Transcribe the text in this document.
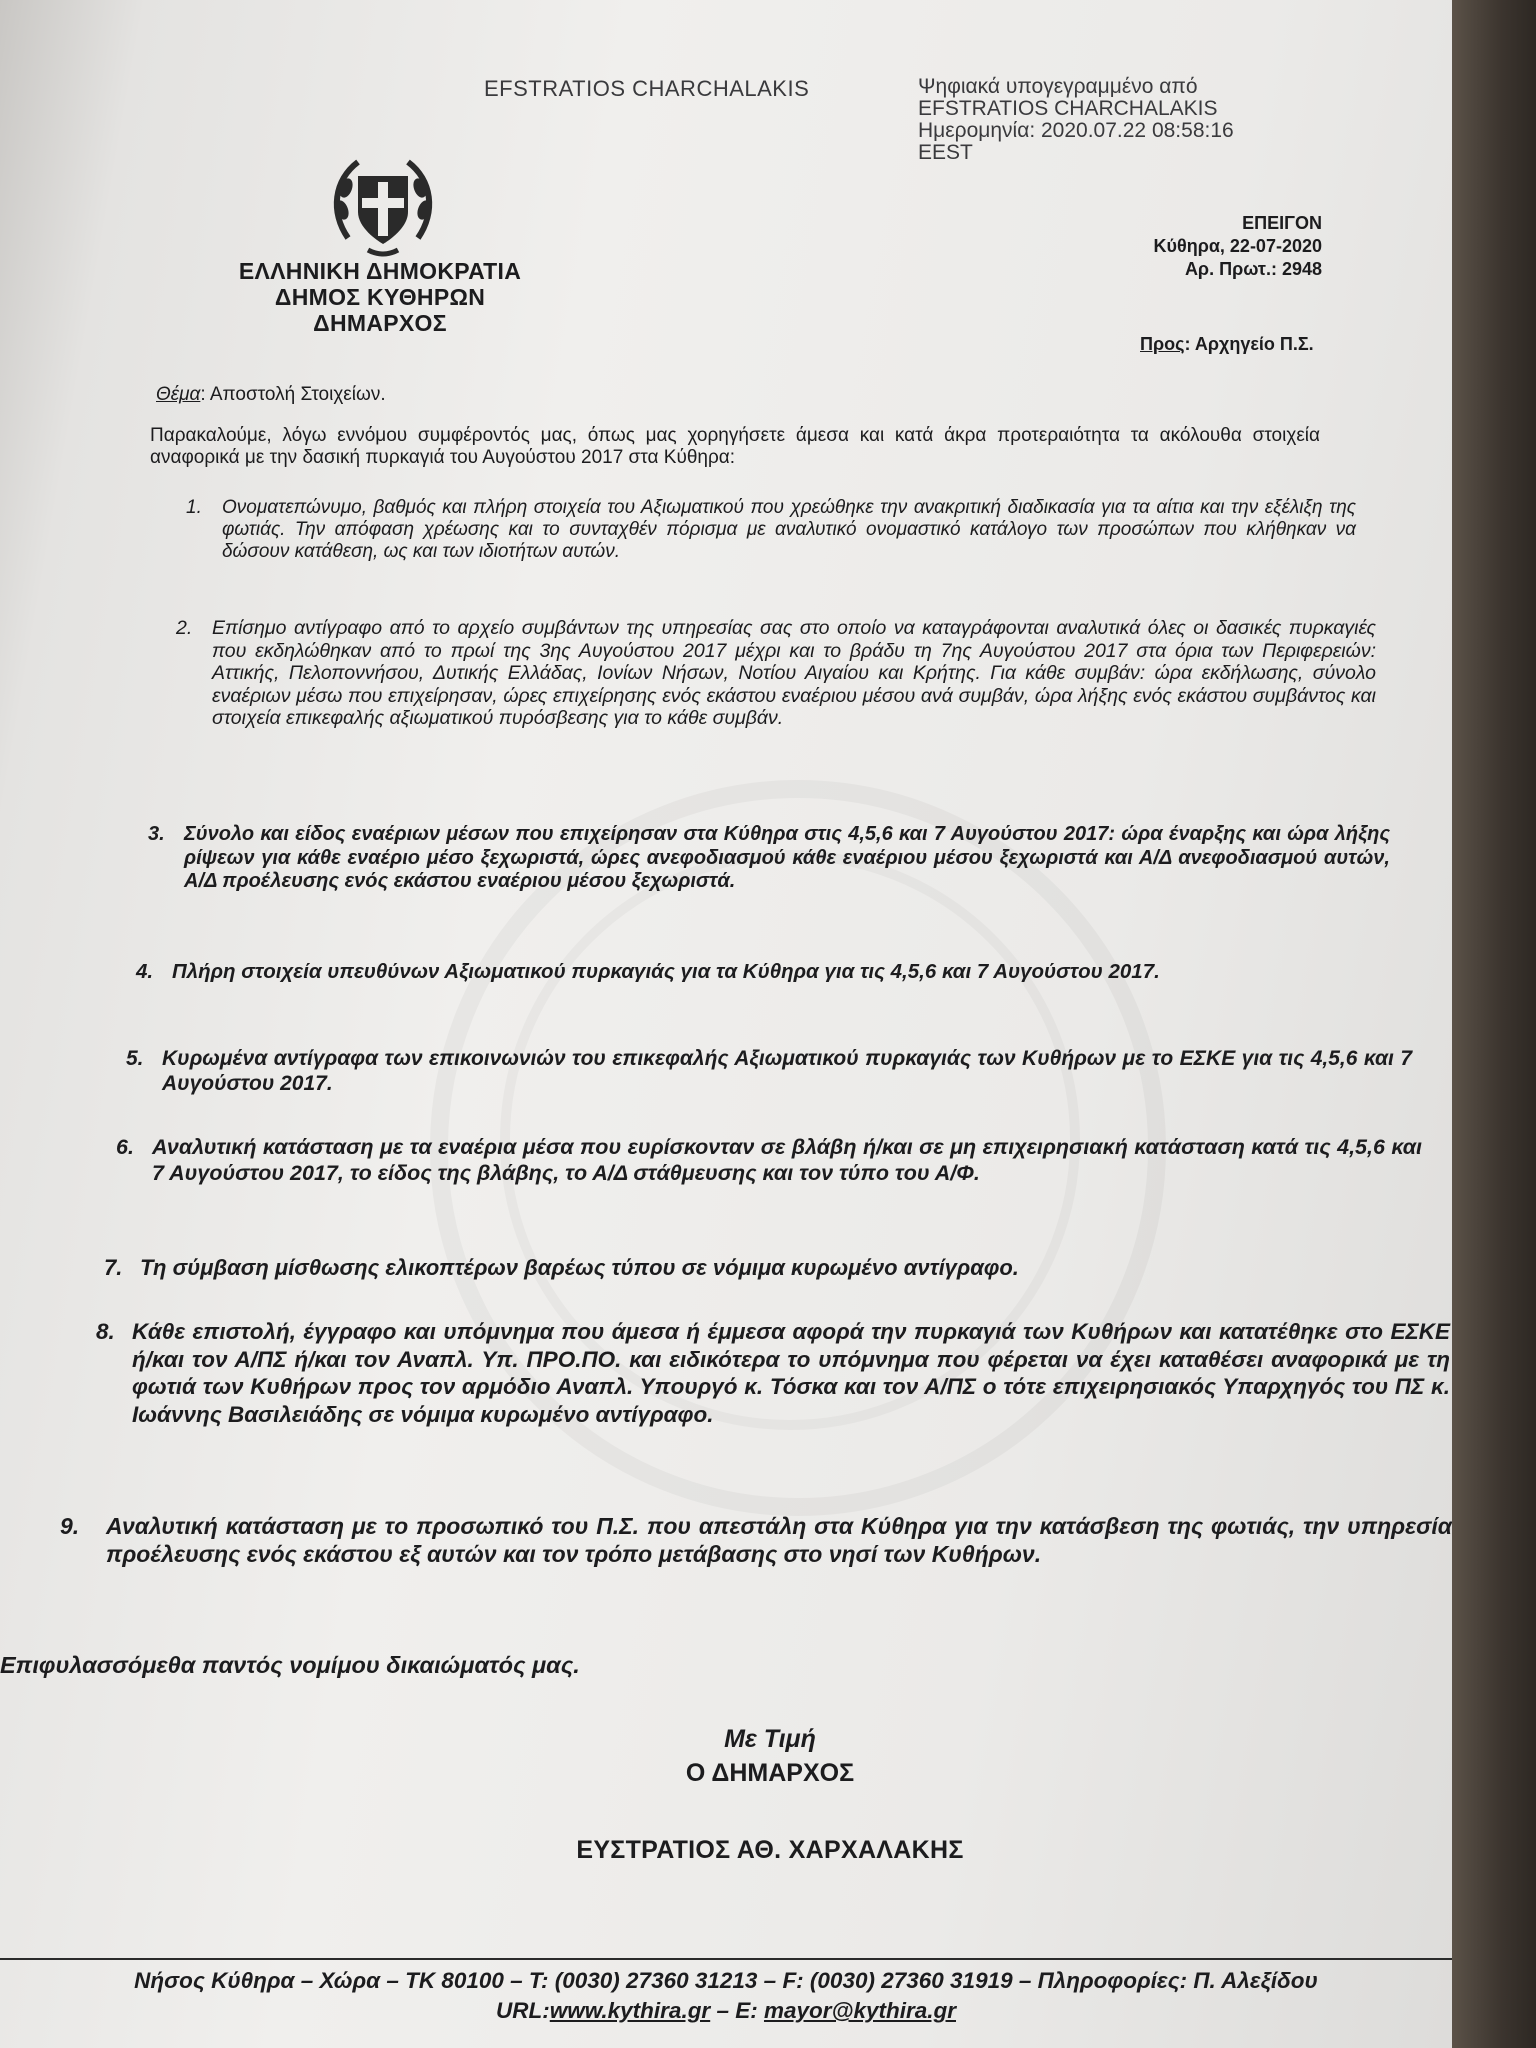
EFSTRATIOS CHARCHALAKIS	Ψηφιακά υπογεγραμμένο από
EFSTRATIOS CHARCHALAKIS
Ημερομηνία: 2020.07.22 08:58:16
EEST
ΕΛΛΗΝΙΚΗ ΔΗΜΟΚΡΑΤΙΑ
ΔΗΜΟΣ ΚΥΘΗΡΩΝ
ΔΗΜΑΡΧΟΣ
ΕΠΕΙΓΟΝ
Κύθηρα, 22-07-2020
Αρ. Πρωτ.: 2948
Προς: Αρχηγείο Π.Σ.
Θέμα: Αποστολή Στοιχείων.
Παρακαλούμε, λόγω εννόμου συμφέροντός μας, όπως μας χορηγήσετε άμεσα και κατά άκρα προτεραιότητα τα ακόλουθα στοιχεία αναφορικά με την δασική πυρκαγιά του Αυγούστου 2017 στα Κύθηρα:
1. Ονοματεπώνυμο, βαθμός και πλήρη στοιχεία του Αξιωματικού που χρεώθηκε την ανακριτική διαδικασία για τα αίτια και την εξέλιξη της φωτιάς. Την απόφαση χρέωσης και το συνταχθέν πόρισμα με αναλυτικό ονομαστικό κατάλογο των προσώπων που κλήθηκαν να δώσουν κατάθεση, ως και των ιδιοτήτων αυτών.
2. Επίσημο αντίγραφο από το αρχείο συμβάντων της υπηρεσίας σας στο οποίο να καταγράφονται αναλυτικά όλες οι δασικές πυρκαγιές που εκδηλώθηκαν από το πρωί της 3ης Αυγούστου 2017 μέχρι και το βράδυ τη 7ης Αυγούστου 2017 στα όρια των Περιφερειών: Αττικής, Πελοποννήσου, Δυτικής Ελλάδας, Ιονίων Νήσων, Νοτίου Αιγαίου και Κρήτης. Για κάθε συμβάν: ώρα εκδήλωσης, σύνολο εναέριων μέσω που επιχείρησαν, ώρες επιχείρησης ενός εκάστου εναέριου μέσου ανά συμβάν, ώρα λήξης ενός εκάστου συμβάντος και στοιχεία επικεφαλής αξιωματικού πυρόσβεσης για το κάθε συμβάν.
3. Σύνολο και είδος εναέριων μέσων που επιχείρησαν στα Κύθηρα στις 4,5,6 και 7 Αυγούστου 2017: ώρα έναρξης και ώρα λήξης ρίψεων για κάθε εναέριο μέσο ξεχωριστά, ώρες ανεφοδιασμού κάθε εναέριου μέσου ξεχωριστά και Α/Δ ανεφοδιασμού αυτών, Α/Δ προέλευσης ενός εκάστου εναέριου μέσου ξεχωριστά.
4. Πλήρη στοιχεία υπευθύνων Αξιωματικού πυρκαγιάς για τα Κύθηρα για τις 4,5,6 και 7 Αυγούστου 2017.
5. Κυρωμένα αντίγραφα των επικοινωνιών του επικεφαλής Αξιωματικού πυρκαγιάς των Κυθήρων με το ΕΣΚΕ για τις 4,5,6 και 7 Αυγούστου 2017.
6. Αναλυτική κατάσταση με τα εναέρια μέσα που ευρίσκονταν σε βλάβη ή/και σε μη επιχειρησιακή κατάσταση κατά τις 4,5,6 και 7 Αυγούστου 2017, το είδος της βλάβης, το Α/Δ στάθμευσης και τον τύπο του Α/Φ.
7. Τη σύμβαση μίσθωσης ελικοπτέρων βαρέως τύπου σε νόμιμα κυρωμένο αντίγραφο.
8. Κάθε επιστολή, έγγραφο και υπόμνημα που άμεσα ή έμμεσα αφορά την πυρκαγιά των Κυθήρων και κατατέθηκε στο ΕΣΚΕ ή/και τον Α/ΠΣ ή/και τον Αναπλ. Υπ. ΠΡΟ.ΠΟ. και ειδικότερα το υπόμνημα που φέρεται να έχει καταθέσει αναφορικά με τη φωτιά των Κυθήρων προς τον αρμόδιο Αναπλ. Υπουργό κ. Τόσκα και τον Α/ΠΣ ο τότε επιχειρησιακός Υπαρχηγός του ΠΣ κ. Ιωάννης Βασιλειάδης σε νόμιμα κυρωμένο αντίγραφο.
9. Αναλυτική κατάσταση με το προσωπικό του Π.Σ. που απεστάλη στα Κύθηρα για την κατάσβεση της φωτιάς, την υπηρεσία προέλευσης ενός εκάστου εξ αυτών και τον τρόπο μετάβασης στο νησί των Κυθήρων.
Επιφυλασσόμεθα παντός νομίμου δικαιώματός μας.
Με Τιμή
Ο ΔΗΜΑΡΧΟΣ
ΕΥΣΤΡΑΤΙΟΣ ΑΘ. ΧΑΡΧΑΛΑΚΗΣ
Νήσος Κύθηρα – Χώρα – ΤΚ 80100 – Τ: (0030) 27360 31213 – F: (0030) 27360 31919 – Πληροφορίες: Π. Αλεξίδου
URL:www.kythira.gr – E: mayor@kythira.gr
